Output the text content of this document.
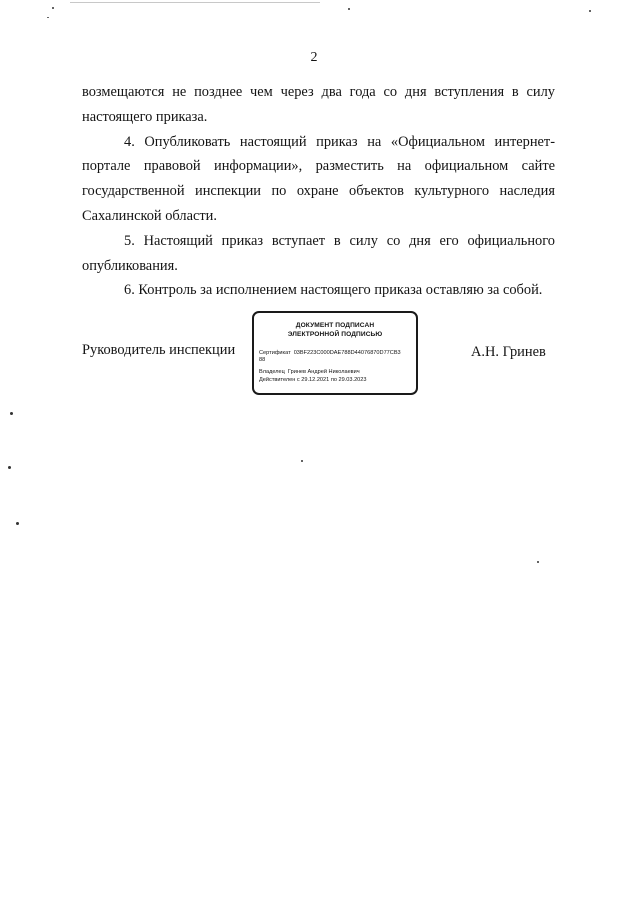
2

возмещаются не позднее чем через два года со дня вступления в силу
настоящего приказа.

4. Опубликовать настоящий приказ на «Официальном интернет-
портале правовой информации», разместить на официальном сайте
государственной инспекции по охране объектов культурного наследия
Сахалинской области.

5. Настоящий приказ вступает в силу со дня его официального
опубликования.

6. Контроль за исполнением настоящего приказа оставляю за собой.

Руководитель инспекции
ДОКУМЕНТ ПОДПИСАН
ЭЛЕКТРОННОЙ ПОДПИСЬЮ
Сертификат 03BF223C000DAE788D44076870D77CB3
88
Владелец Гринев Андрей Николаевич
Действителен с 29.12.2021 по 29.03.2023
А.Н. Гринев
